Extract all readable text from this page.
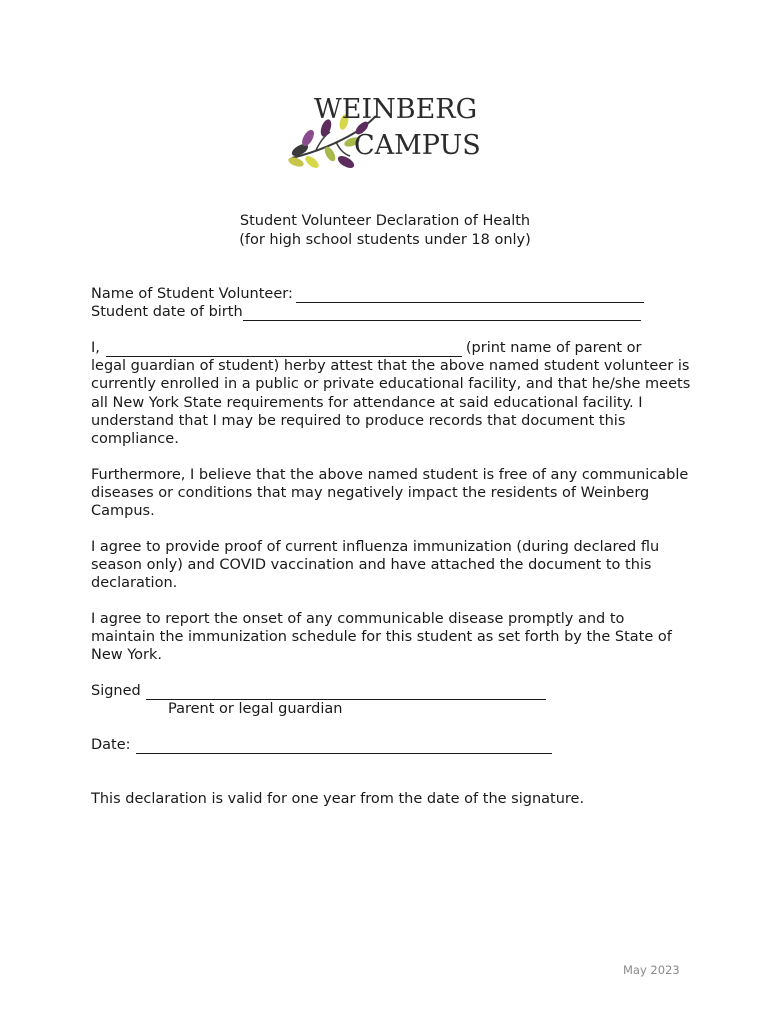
WEINBERG
CAMPUS
Student Volunteer Declaration of Health
(for high school students under 18 only)
Name of Student Volunteer:
Student date of birth
I,	(print name of parent or

legal guardian of student) herby attest that the above named student volunteer is currently enrolled in a public or private educational facility, and that he/she meets all New York State requirements for attendance at said educational facility. I understand that I may be required to produce records that document this compliance.

Furthermore, I believe that the above named student is free of any communicable diseases or conditions that may negatively impact the residents of Weinberg Campus.

I agree to provide proof of current influenza immunization (during declared flu season only) and COVID vaccination and have attached the document to this declaration.

I agree to report the onset of any communicable disease promptly and to maintain the immunization schedule for this student as set forth by the State of New York.

Signed
Parent or legal guardian
Date:
This declaration is valid for one year from the date of the signature.
May 2023
